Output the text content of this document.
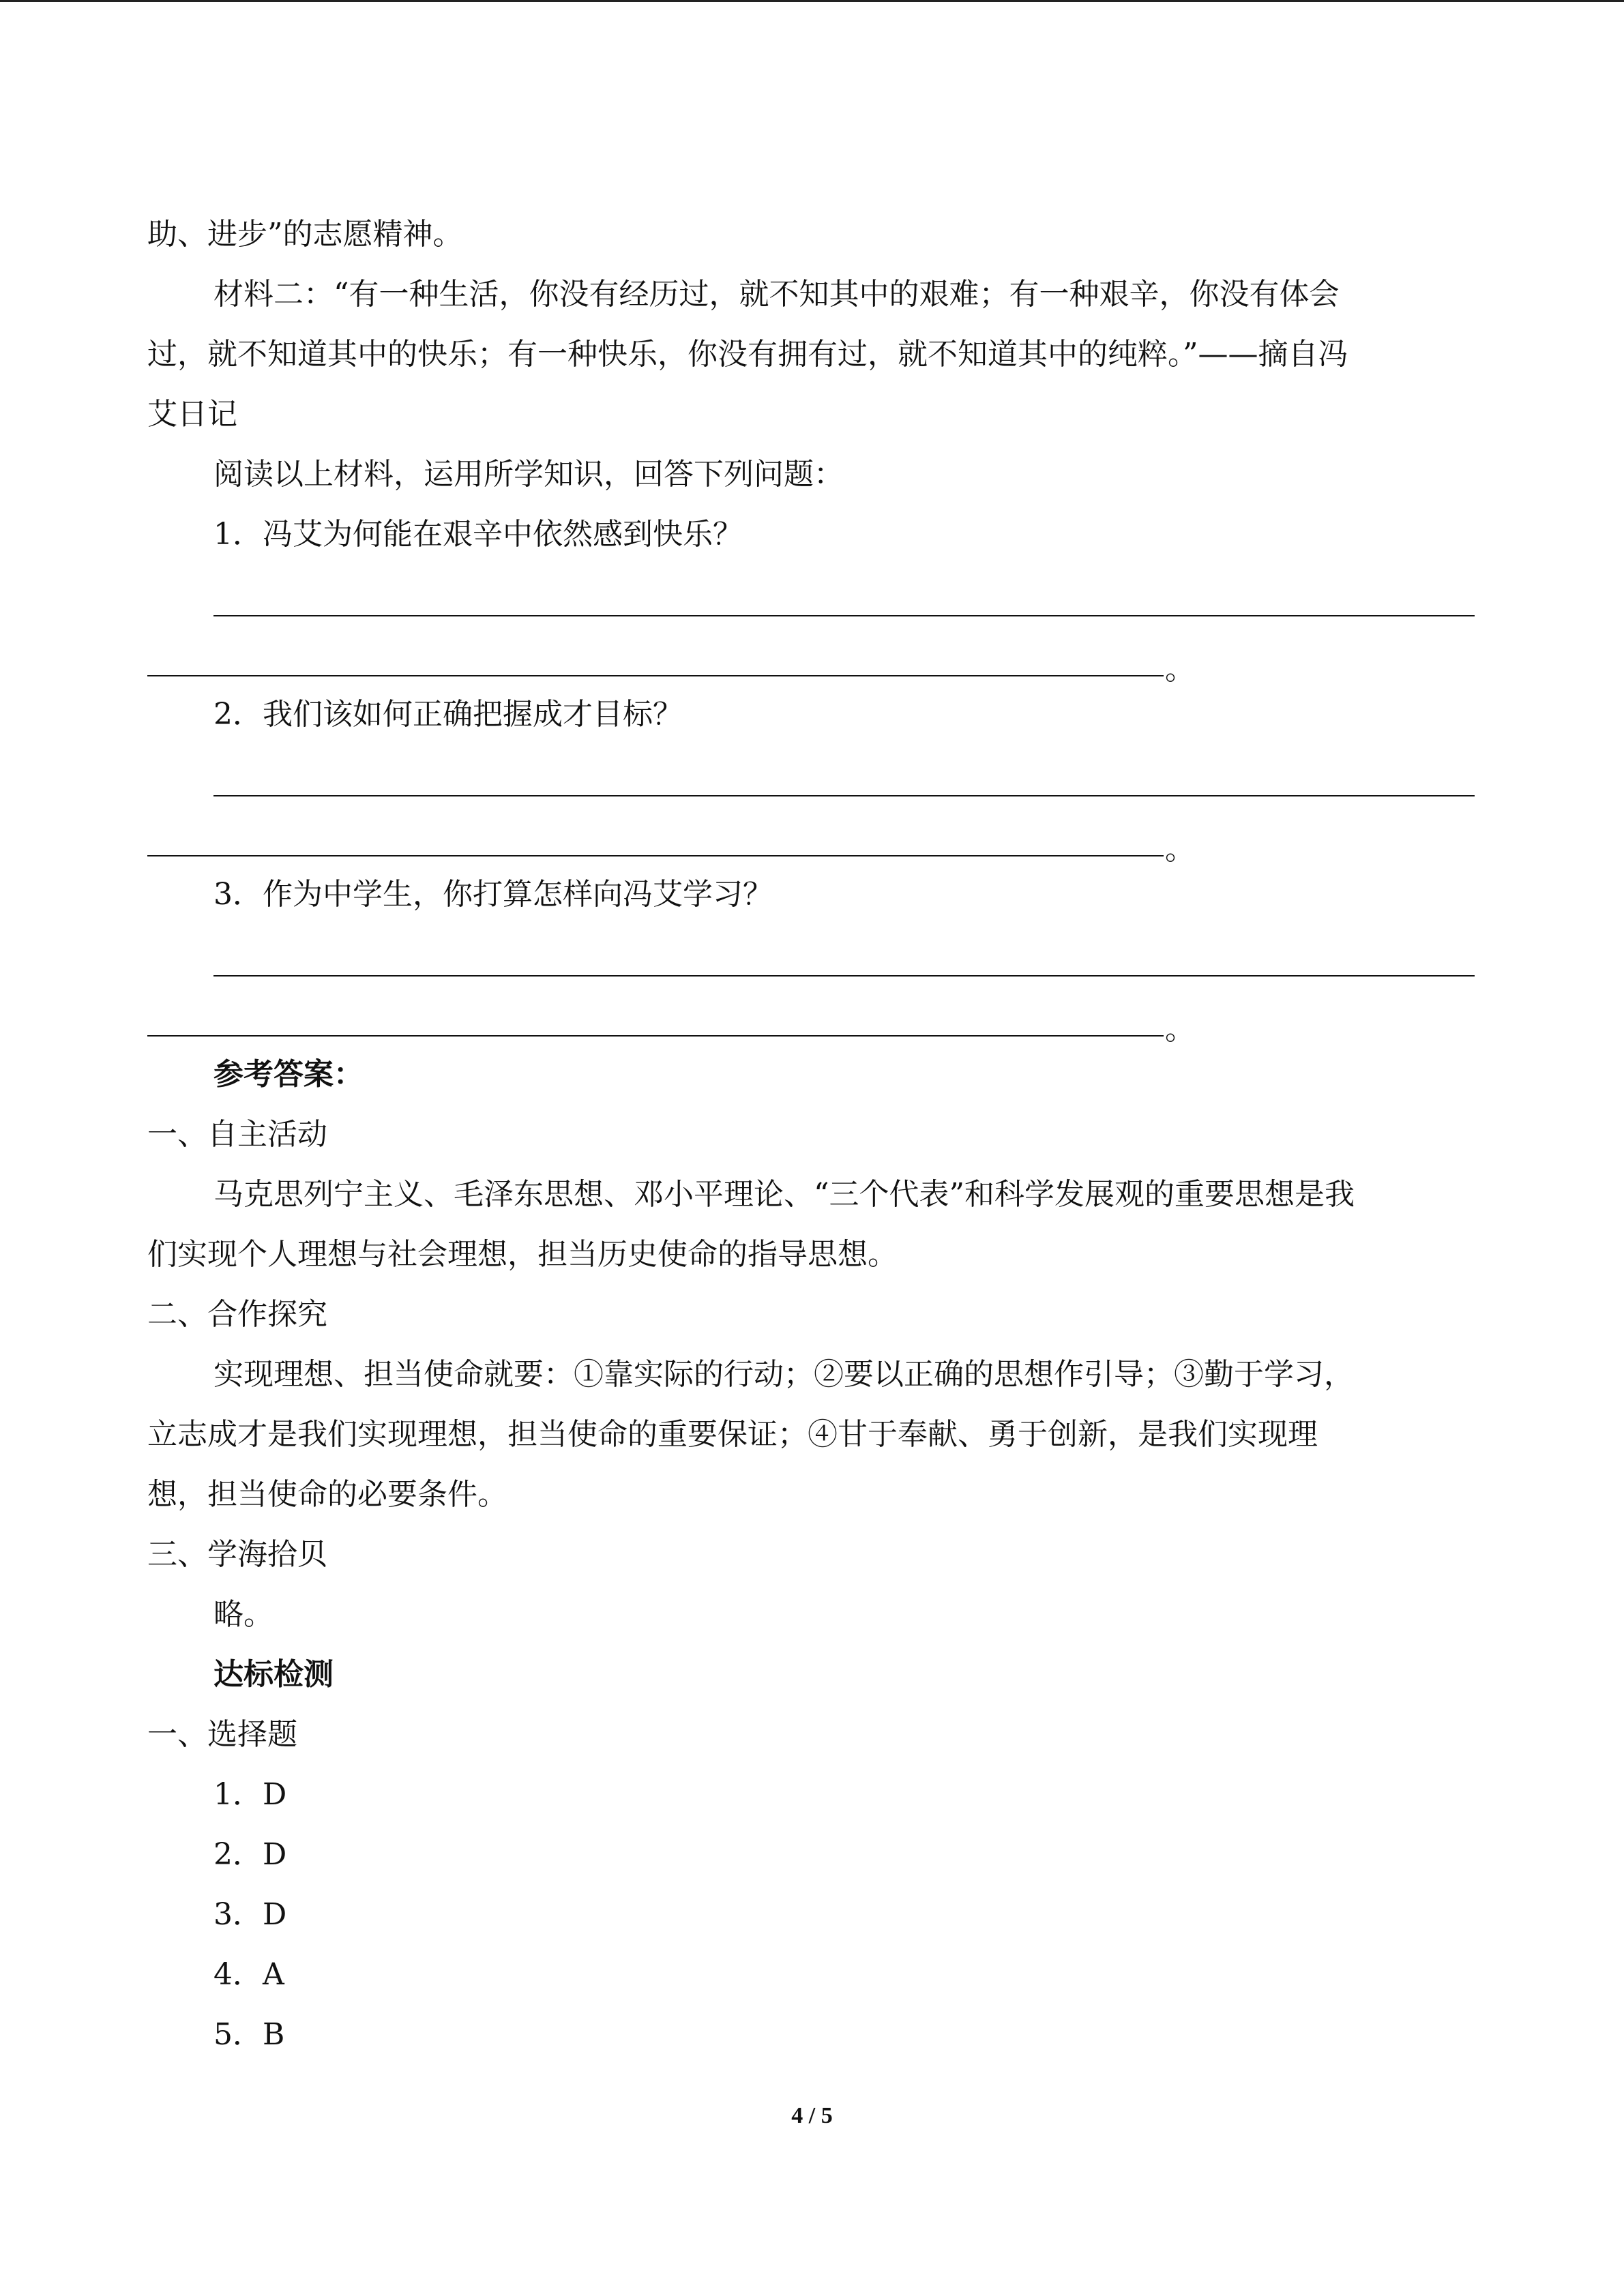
助、进步”的志愿精神。
材料二：“有一种生活，你没有经历过，就不知其中的艰难；有一种艰辛，你没有体会
过，就不知道其中的快乐；有一种快乐，你没有拥有过，就不知道其中的纯粹。”——摘自冯
艾日记
阅读以上材料，运用所学知识，回答下列问题：
1．冯艾为何能在艰辛中依然感到快乐？
。
2．我们该如何正确把握成才目标？
。
3．作为中学生，你打算怎样向冯艾学习？
。
参考答案：
一、自主活动
马克思列宁主义、毛泽东思想、邓小平理论、“三个代表”和科学发展观的重要思想是我
们实现个人理想与社会理想，担当历史使命的指导思想。
二、合作探究
实现理想、担当使命就要：①靠实际的行动；②要以正确的思想作引导；③勤于学习，
立志成才是我们实现理想，担当使命的重要保证；④甘于奉献、勇于创新，是我们实现理
想，担当使命的必要条件。
三、学海拾贝
略。
达标检测
一、选择题
1．D
2．D
3．D
4．A
5．B
4 / 5
